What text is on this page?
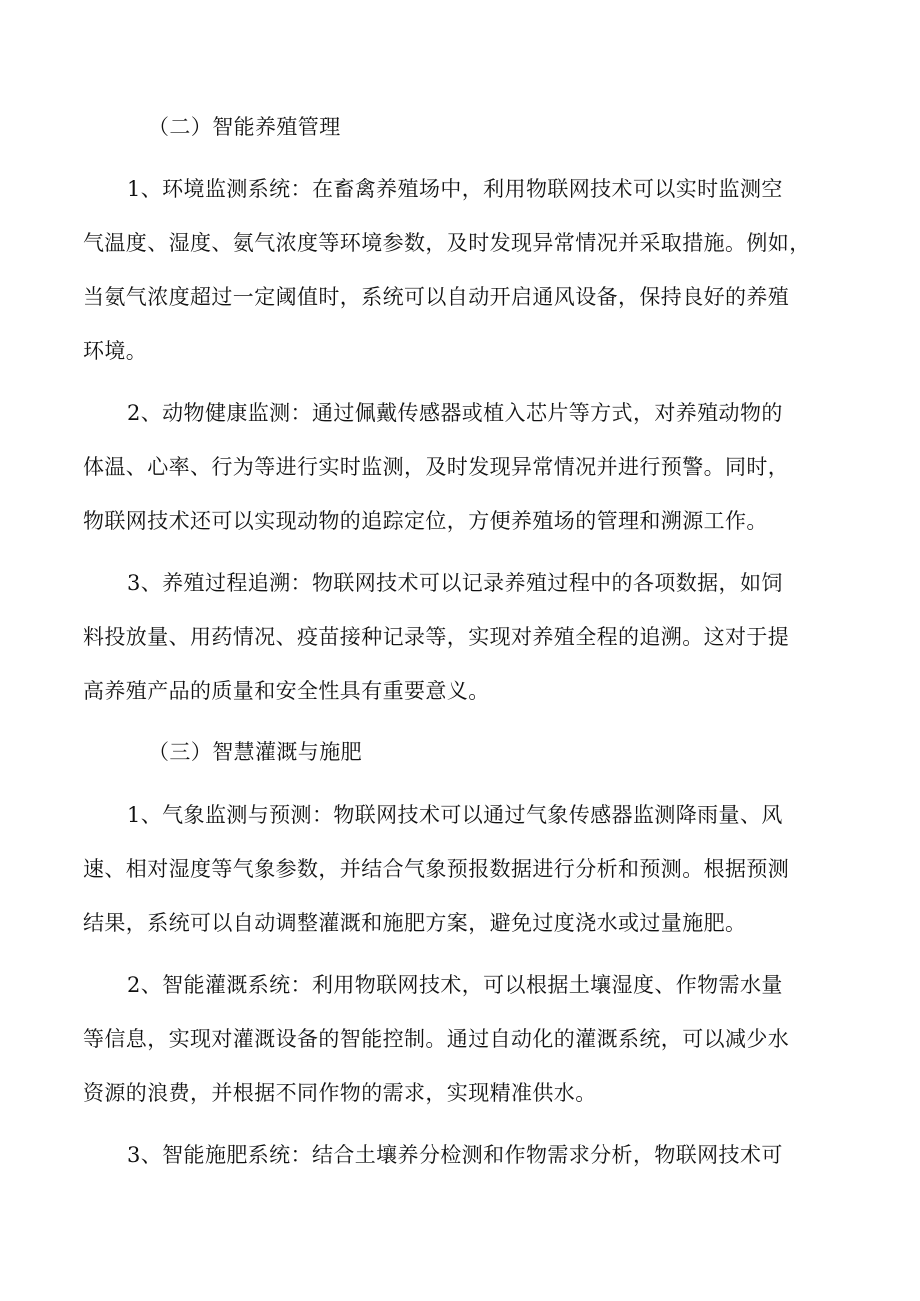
（二）智能养殖管理
1、环境监测系统：在畜禽养殖场中，利用物联网技术可以实时监测空
气温度、湿度、氨气浓度等环境参数，及时发现异常情况并采取措施。例如，
当氨气浓度超过一定阈值时，系统可以自动开启通风设备，保持良好的养殖
环境。
2、动物健康监测：通过佩戴传感器或植入芯片等方式，对养殖动物的
体温、心率、行为等进行实时监测，及时发现异常情况并进行预警。同时，
物联网技术还可以实现动物的追踪定位，方便养殖场的管理和溯源工作。
3、养殖过程追溯：物联网技术可以记录养殖过程中的各项数据，如饲
料投放量、用药情况、疫苗接种记录等，实现对养殖全程的追溯。这对于提
高养殖产品的质量和安全性具有重要意义。
（三）智慧灌溉与施肥
1、气象监测与预测：物联网技术可以通过气象传感器监测降雨量、风
速、相对湿度等气象参数，并结合气象预报数据进行分析和预测。根据预测
结果，系统可以自动调整灌溉和施肥方案，避免过度浇水或过量施肥。
2、智能灌溉系统：利用物联网技术，可以根据土壤湿度、作物需水量
等信息，实现对灌溉设备的智能控制。通过自动化的灌溉系统，可以减少水
资源的浪费，并根据不同作物的需求，实现精准供水。
3、智能施肥系统：结合土壤养分检测和作物需求分析，物联网技术可
